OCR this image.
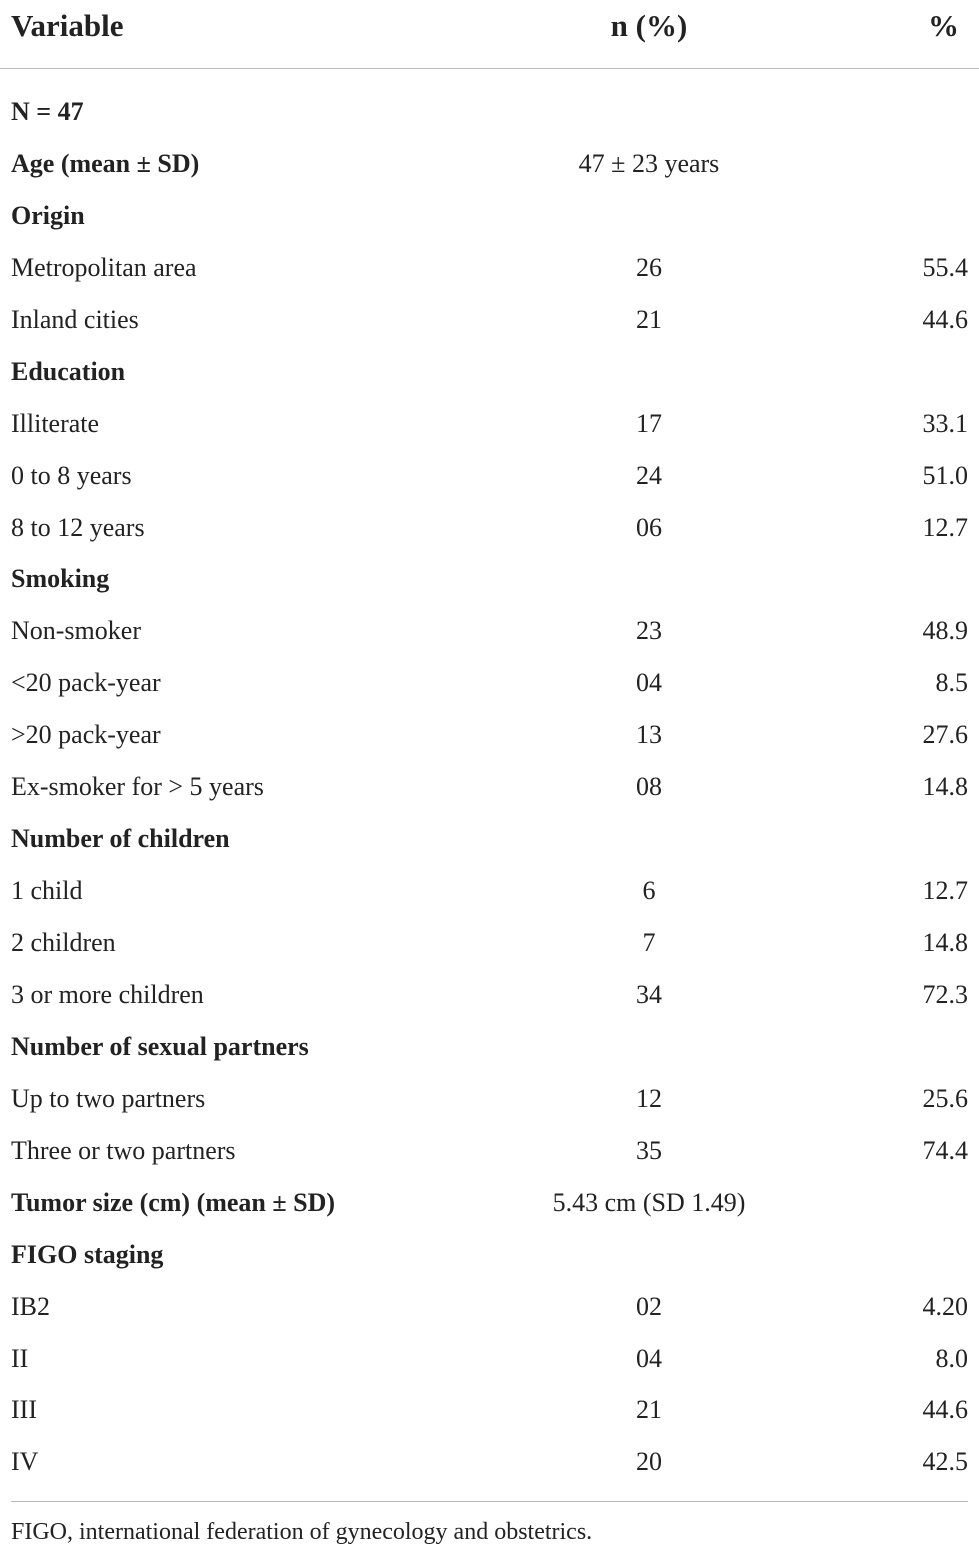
Variable	n (%)	%
N = 47
Age (mean ± SD)	47 ± 23 years
Origin
Metropolitan area	26	55.4
Inland cities	21	44.6
Education
Illiterate	17	33.1
0 to 8 years	24	51.0
8 to 12 years	06	12.7
Smoking
Non-smoker	23	48.9
<20 pack-year	04	8.5
>20 pack-year	13	27.6
Ex-smoker for > 5 years	08	14.8
Number of children
1 child	6	12.7
2 children	7	14.8
3 or more children	34	72.3
Number of sexual partners
Up to two partners	12	25.6
Three or two partners	35	74.4
Tumor size (cm) (mean ± SD)	5.43 cm (SD 1.49)
FIGO staging
IB2	02	4.20
II	04	8.0
III	21	44.6
IV	20	42.5
FIGO, international federation of gynecology and obstetrics.
